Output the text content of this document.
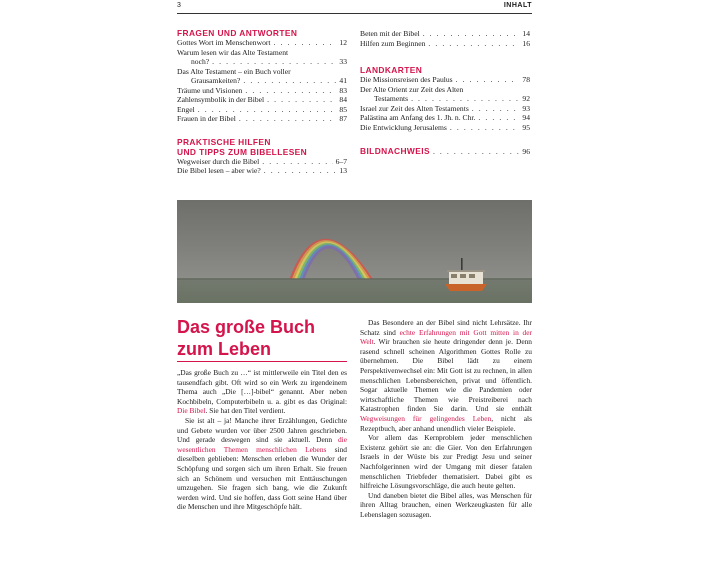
3	INHALT
FRAGEN UND ANTWORTEN
Gottes Wort im Menschenwort . . .	12
Warum lesen wir das Alte Testament
noch? . . .	33
Das Alte Testament – ein Buch voller
Grausamkeiten? . . .	41
Träume und Visionen . . .	83
Zahlensymbolik in der Bibel . . .	84
Engel . . .	85
Frauen in der Bibel . . .	87
PRAKTISCHE HILFEN
UND TIPPS ZUM BIBELLESEN
Wegweiser durch die Bibel . . .	6–7
Die Bibel lesen – aber wie? . . .	13
Beten mit der Bibel . . .	14
Hilfen zum Beginnen . . .	16
LANDKARTEN
Die Missionsreisen des Paulus . . .	78
Der Alte Orient zur Zeit des Alten
Testaments . . .	92
Israel zur Zeit des Alten Testaments . . .	93
Palästina am Anfang des 1. Jh. n. Chr. . . .	94
Die Entwicklung Jerusalems . . .	95
BILDNACHWEIS . . .	96
Das große Buch
zum Leben

„Das große Buch zu …“ ist mittlerweile ein Titel den es tausendfach gibt. Oft wird so ein Werk zu irgendeinem Thema auch „Die […]-bibel“ genannt. Aber neben Kochbibeln, Computerbibeln u. a. gibt es das Original: Die Bibel. Sie hat den Titel verdient.

Sie ist alt – ja! Manche ihrer Erzählungen, Gedichte und Gebete wurden vor über 2500 Jahren geschrieben. Und gerade deswegen sind sie aktuell. Denn die wesentlichen Themen menschlichen Lebens sind dieselben geblieben: Menschen erleben die Wunder der Schöpfung und sorgen sich um ihren Erhalt. Sie freuen sich an Schönem und versuchen mit Enttäuschungen umzugehen. Sie fragen sich bang, wie die Zukunft werden wird. Und sie hoffen, dass Gott seine Hand über die Menschen und ihre Mitgeschöpfe hält.

Das Besondere an der Bibel sind nicht Lehrsätze. Ihr Schatz sind echte Erfahrungen mit Gott mitten in der Welt. Wir brauchen sie heute dringender denn je. Denn rasend schnell scheinen Algorithmen Gottes Rolle zu übernehmen. Die Bibel lädt zu einem Perspektivenwechsel ein: Mit Gott ist zu rechnen, in allen menschlichen Lebensbereichen, privat und öffentlich. Sogar aktuelle Themen wie die Pandemien oder wirtschaftliche Themen wie Preistreiberei nach Katastrophen finden Sie darin. Und sie enthält Wegweisungen für gelingendes Leben, nicht als Rezeptbuch, aber anhand unendlich vieler Beispiele.

Vor allem das Kernproblem jeder menschlichen Existenz gehört sie an: die Gier. Von den Erfahrungen Israels in der Wüste bis zur Predigt Jesu und seiner Nachfolgerinnen wird der Umgang mit dieser fatalen menschlichen Triebfeder thematisiert. Dabei gibt es hilfreiche Lösungsvorschläge, die auch heute gelten.

Und daneben bietet die Bibel alles, was Menschen für ihren Alltag brauchen, einen Werkzeugkasten für alle Lebenslagen sozusagen.
